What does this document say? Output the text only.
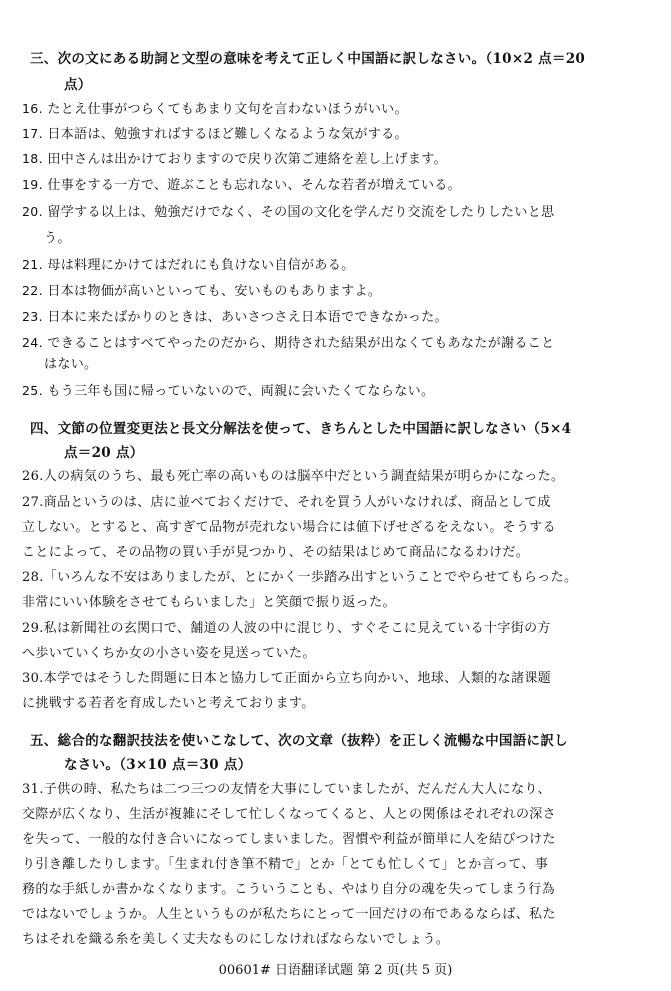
三、次の文にある助詞と文型の意味を考えて正しく中国語に訳しなさい。（10×2 点＝20
点）
16. たとえ仕事がつらくてもあまり文句を言わないほうがいい。
17. 日本語は、勉強すればするほど難しくなるような気がする。
18. 田中さんは出かけておりますので戻り次第ご連絡を差し上げます。
19. 仕事をする一方で、遊ぶことも忘れない、そんな若者が増えている。
20. 留学する以上は、勉強だけでなく、その国の文化を学んだり交流をしたりしたいと思
う。
21. 母は料理にかけてはだれにも負けない自信がある。
22. 日本は物価が高いといっても、安いものもありますよ。
23. 日本に来たばかりのときは、あいさつさえ日本语でできなかった。
24. できることはすべてやったのだから、期待された結果が出なくてもあなたが謝ること
はない。
25. もう三年も国に帰っていないので、両親に会いたくてならない。
四、文節の位置変更法と長文分解法を使って、きちんとした中国語に訳しなさい（5×4
点＝20 点）
26.人の病気のうち、最も死亡率の高いものは脳卒中だという調査結果が明らかになった。
27.商品というのは、店に並べておくだけで、それを買う人がいなければ、商品として成
立しない。とすると、高すぎて品物が売れない場合には値下げせざるをえない。そうする
ことによって、その品物の買い手が見つかり、その結果はじめて商品になるわけだ。
28.「いろんな不安はありましたが、とにかく一歩踏み出すということでやらせてもらった。
非常にいい体験をさせてもらいました」と笑顔で振り返った。
29.私は新聞社の玄関口で、舗道の人波の中に混じり、すぐそこに見えている十字街の方
へ歩いていくちか女の小さい姿を見送っていた。
30.本学ではそうした問題に日本と協力して正面から立ち向かい、地球、人類的な諸课题
に挑戦する若者を育成したいと考えております。
五、総合的な翻訳技法を使いこなして、次の文章（抜粋）を正しく流暢な中国語に訳し
なさい。（3×10 点＝30 点）
31.子供の時、私たちは二つ三つの友情を大事にしていましたが、だんだん大人になり、
交際が広くなり、生活が複雑にそして忙しくなってくると、人との関係はそれぞれの深さ
を失って、一般的な付き合いになってしまいました。習慣や利益が簡単に人を結びつけた
り引き離したりします。「生まれ付き筆不精で」とか「とても忙しくて」とか言って、事
務的な手紙しか書かなくなります。こういうことも、やはり自分の魂を失ってしまう行為
ではないでしょうか。人生というものが私たちにとって一回だけの布であるならば、私た
ちはそれを織る糸を美しく丈夫なものにしなければならないでしょう。
00601# 日语翻译试题 第 2 页(共 5 页)
